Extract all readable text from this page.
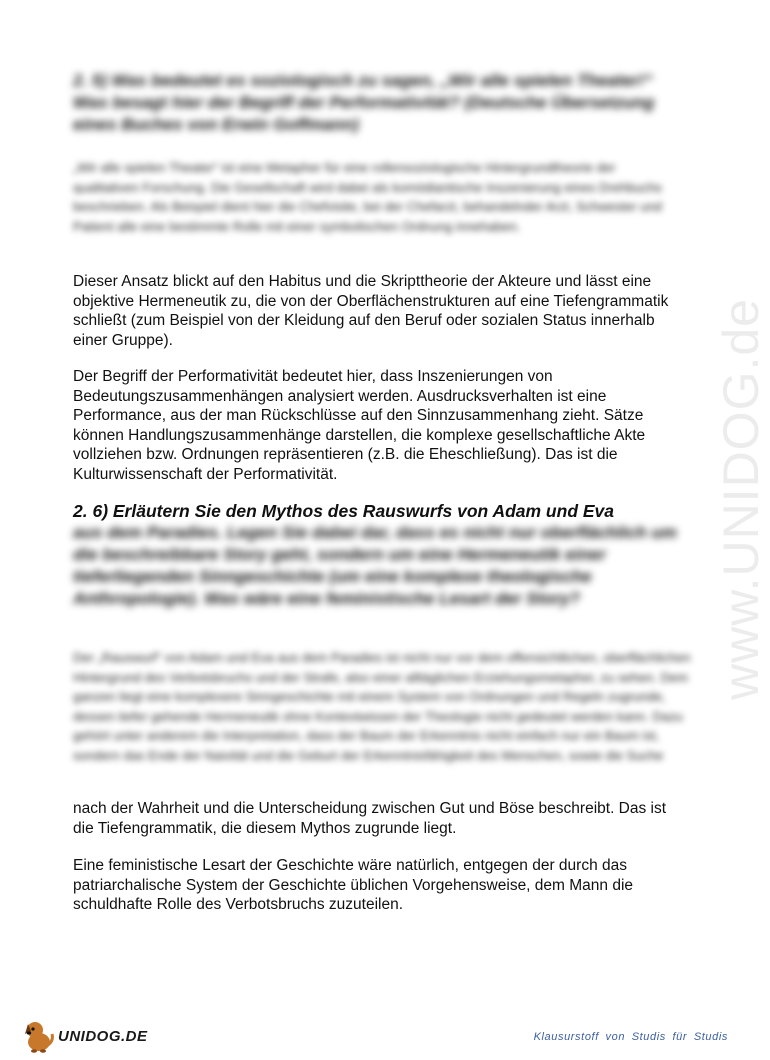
www.UNIDOG.de
2. 5) Was bedeutet es soziologisch zu sagen, „Wir alle spielen Theater!“ Was besagt hier der Begriff der Performativität? (Deutsche Übersetzung eines Buches von Erwin Goffmann)

„Wir alle spielen Theater“ ist eine Metapher für eine rollensoziologische Hintergrundtheorie der qualitativen Forschung. Die Gesellschaft wird dabei als komödiantische Inszenierung eines Drehbuchs beschrieben. Als Beispiel dient hier die Chefvisite, bei der Chefarzt, behandelnder Arzt, Schwester und Patient alle eine bestimmte Rolle mit einer symbolischen Ordnung innehaben.

Dieser Ansatz blickt auf den Habitus und die Skripttheorie der Akteure und lässt eine objektive Hermeneutik zu, die von der Oberflächenstrukturen auf eine Tiefengrammatik schließt (zum Beispiel von der Kleidung auf den Beruf oder sozialen Status innerhalb einer Gruppe).

Der Begriff der Performativität bedeutet hier, dass Inszenierungen von Bedeutungszusammenhängen analysiert werden. Ausdrucksverhalten ist eine Performance, aus der man Rückschlüsse auf den Sinnzusammenhang zieht. Sätze können Handlungszusammenhänge darstellen, die komplexe gesellschaftliche Akte vollziehen bzw. Ordnungen repräsentieren (z.B. die Eheschließung). Das ist die Kulturwissenschaft der Performativität.

2. 6) Erläutern Sie den Mythos des Rauswurfs von Adam und Eva
aus dem Paradies. Legen Sie dabei dar, dass es nicht nur oberflächlich um die beschreibbare Story geht, sondern um eine Hermeneutik einer tieferliegenden Sinngeschichte (um eine komplexe theologische Anthropologie). Was wäre eine feministische Lesart der Story?

Der „Rauswurf“ von Adam und Eva aus dem Paradies ist nicht nur vor dem offensichtlichen, oberflächlichen Hintergrund des Verbotsbruchs und der Strafe, also einer alltäglichen Erziehungsmetapher, zu sehen. Dem ganzen liegt eine komplexere Sinngeschichte mit einem System von Ordnungen und Regeln zugrunde, dessen tiefer gehende Hermeneutik ohne Kontextwissen der Theologie nicht gedeutet werden kann. Dazu gehört unter anderem die Interpretation, dass der Baum der Erkenntnis nicht einfach nur ein Baum ist, sondern das Ende der Naivität und die Geburt der Erkenntnisfähigkeit des Menschen, sowie die Suche

nach der Wahrheit und die Unterscheidung zwischen Gut und Böse beschreibt. Das ist die Tiefengrammatik, die diesem Mythos zugrunde liegt.

Eine feministische Lesart der Geschichte wäre natürlich, entgegen der durch das patriarchalische System der Geschichte üblichen Vorgehensweise, dem Mann die schuldhafte Rolle des Verbotsbruchs zuzuteilen.

UNIDOG.DE	Klausurstoff von Studis für Studis
